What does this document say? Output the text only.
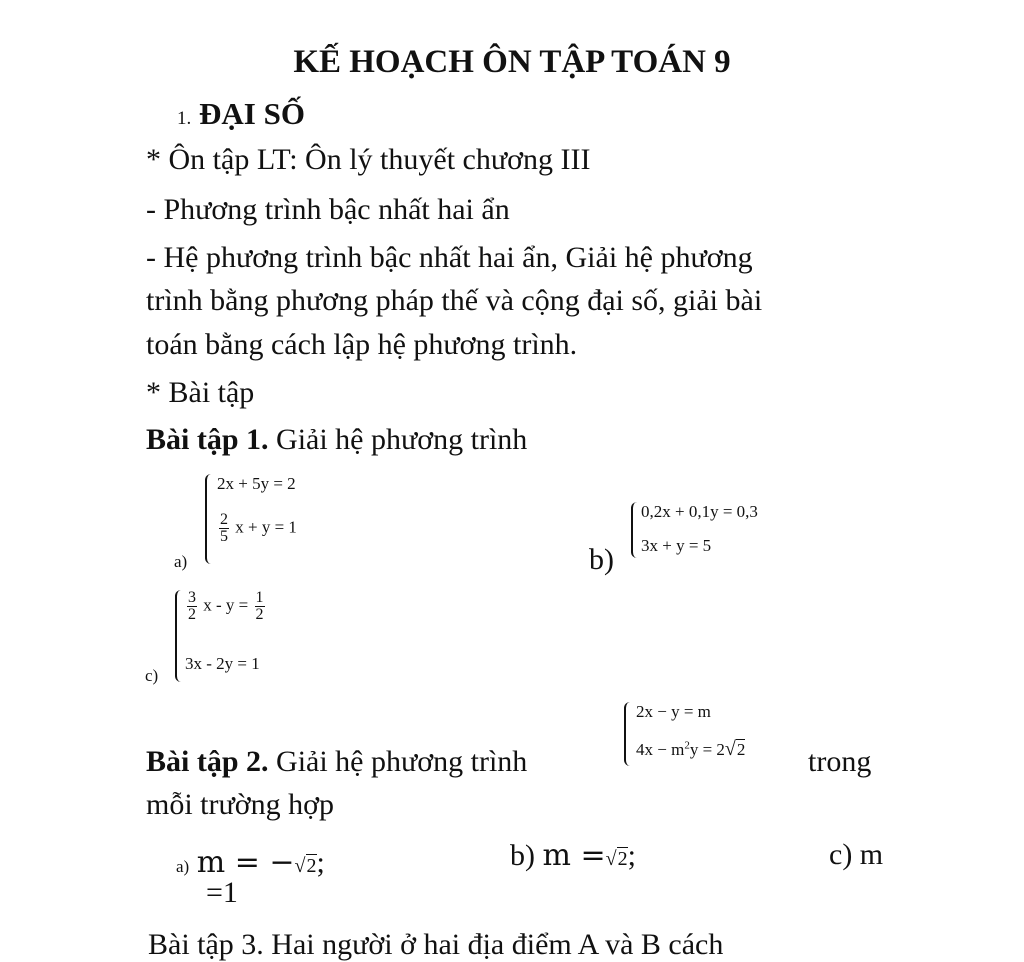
KẾ HOẠCH ÔN TẬP TOÁN 9
1. ĐẠI SỐ
* Ôn tập LT: Ôn lý thuyết chương III
- Phương trình bậc nhất hai ẩn
- Hệ phương trình bậc nhất hai ẩn, Giải hệ phương
trình bằng phương pháp thế và cộng đại số, giải bài
toán bằng cách lập hệ phương trình.
* Bài tập
Bài tập 1. Giải hệ phương trình
a)
2x + 5y = 2
$\frac{2}{5}$ x + y = 1
b)
0,2x + 0,1y = 0,3
3x + y = 5
c)
$\frac{3}{2}$ $x - y = \frac{1}{2}$
3x - 2y = 1
Bài tập 2. Giải hệ phương trình
2x − y = m
$4x - m^2y = 2√2$ trong
mỗi trường hợp
a) m = −√2;	b) m =√2;	c) m
=1
Bài tập 3. Hai người ở hai địa điểm A và B cách
